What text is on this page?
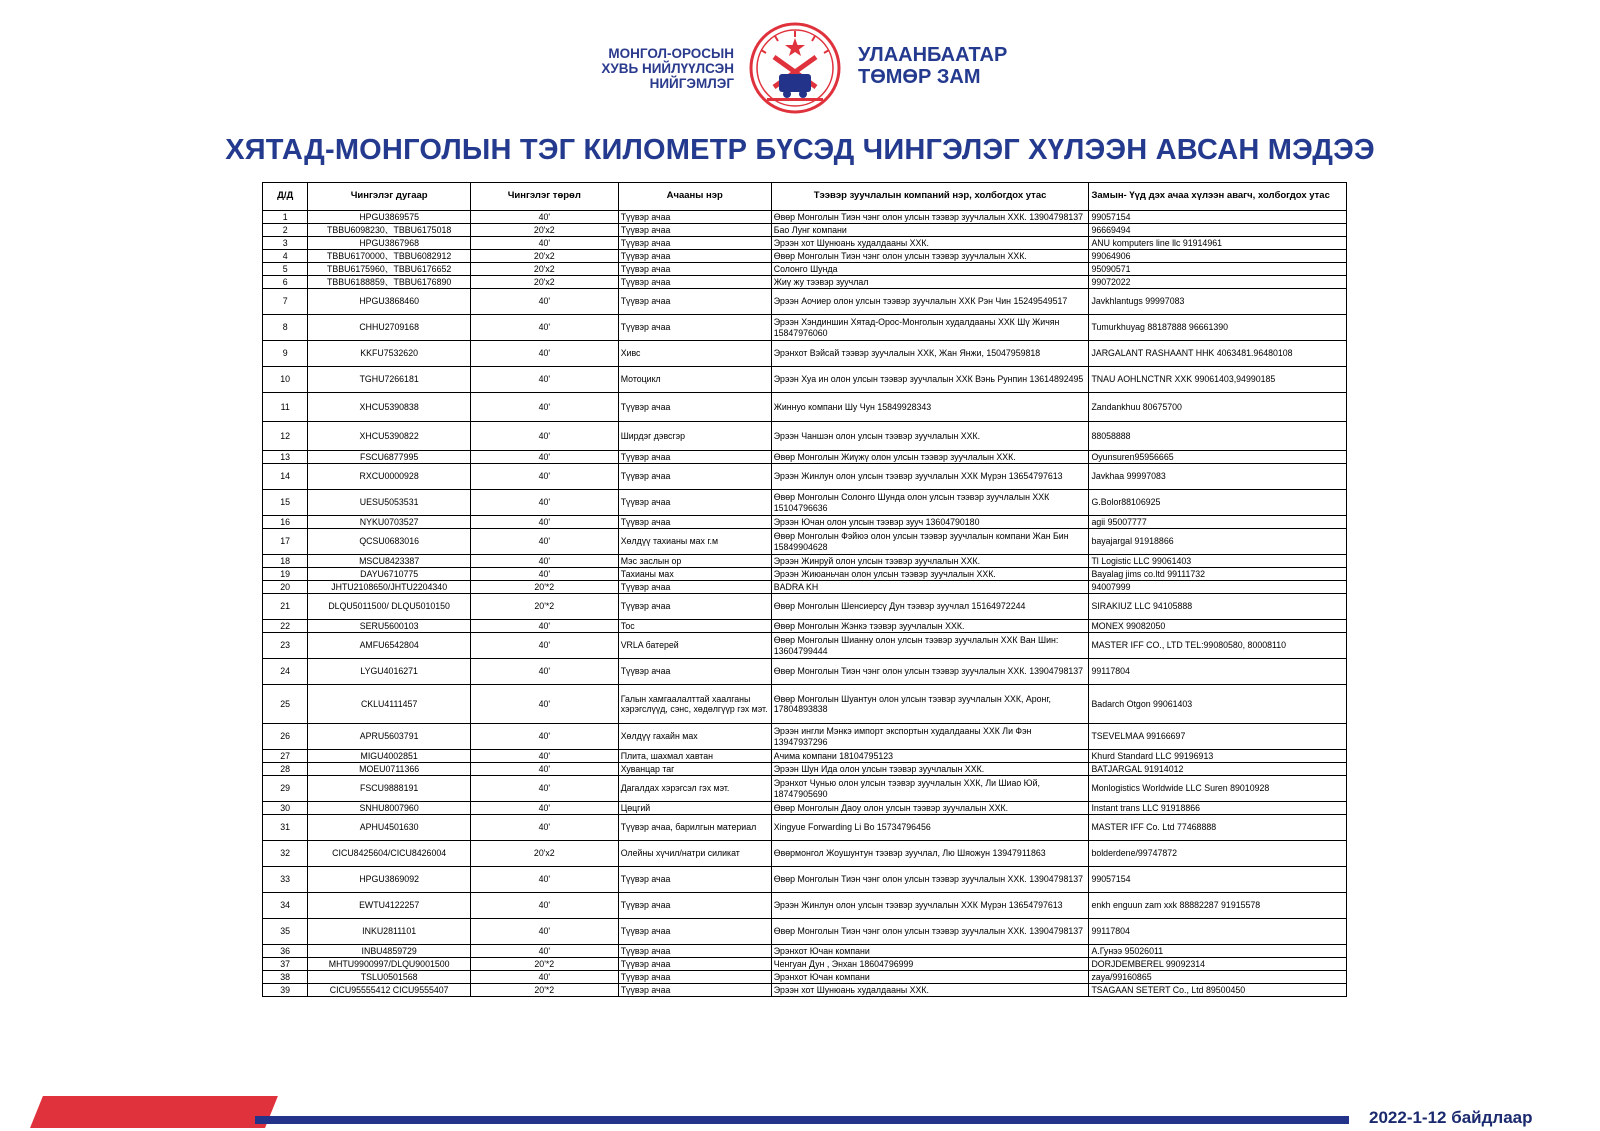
МОНГОЛ-ОРОСЫН
ХУВЬ НИЙЛҮҮЛСЭН
НИЙГЭМЛЭГ
УЛААНБААТАР
ТӨМӨР ЗАМ
ХЯТАД-МОНГОЛЫН ТЭГ КИЛОМЕТР БҮСЭД ЧИНГЭЛЭГ ХҮЛЭЭН АВСАН МЭДЭЭ
Д/Д	Чингэлэг дугаар	Чингэлэг төрөл	Ачааны нэр	Тээвэр зуучлалын компаний нэр, холбогдох утас	Замын- Үүд дэх ачаа хүлээн авагч, холбогдох утас
1	HPGU3869575	40'	Түүвэр ачаа	Өвөр Монголын Тиэн чэнг олон улсын тээвэр зуучлалын ХХК. 13904798137	99057154
2	TBBU6098230、TBBU6175018	20'x2	Түүвэр ачаа	Бао Лунг компани	96669494
3	HPGU3867968	40'	Түүвэр ачаа	Эрээн хот Шунюань худалдааны ХХК.	ANU komputers line llc 91914961
4	TBBU6170000、TBBU6082912	20'x2	Түүвэр ачаа	Өвөр Монголын Тиэн чэнг олон улсын тээвэр зуучлалын ХХК.	99064906
5	TBBU6175960、TBBU6176652	20'x2	Түүвэр ачаа	Солонго Шунда	95090571
6	TBBU6188859、TBBU6176890	20'x2	Түүвэр ачаа	Жиү жу тээвэр зуучлал	99072022
7	HPGU3868460	40'	Түүвэр ачаа	Эрээн Аочиер олон улсын тээвэр зуучлалын ХХК Рэн Чин 15249549517	Javkhlantugs 99997083
8	CHHU2709168	40'	Түүвэр ачаа	Эрээн Хэндиншин Хятад-Орос-Монголын худалдааны ХХК Шү Жичян 15847976060	Tumurkhuyag 88187888 96661390
9	KKFU7532620	40'	Хивс	Эрэнхот Вэйсай тээвэр зуучлалын ХХК, Жан Янжи, 15047959818	JARGALANT RASHAANT HHK 4063481.96480108
10	TGHU7266181	40'	Мотоцикл	Эрээн Хуа ин олон улсын тээвэр зуучлалын ХХК Вэнь Рунпин 13614892495	TNAU AOHLNCTNR XXK 99061403,94990185
11	XHCU5390838	40'	Түүвэр ачаа	Жиннуо компани Шу Чун 15849928343	Zandankhuu 80675700
12	XHCU5390822	40'	Ширдэг дэвсгэр	Эрээн Чаншэн олон улсын тээвэр зуучлалын ХХК.	88058888
13	FSCU6877995	40'	Түүвэр ачаа	Өвөр Монголын Жиүжү олон улсын тээвэр зуучлалын ХХК.	Oyunsuren95956665
14	RXCU0000928	40'	Түүвэр ачаа	Эрээн Жинлун олон улсын тээвэр зуучлалын ХХК Мүрэн 13654797613	Javkhaa 99997083
15	UESU5053531	40'	Түүвэр ачаа	Өвөр Монголын Солонго Шунда олон улсын тээвэр зуучлалын ХХК 15104796636	G.Bolor88106925
16	NYKU0703527	40'	Түүвэр ачаа	Эрээн Ючан олон улсын тээвэр зууч 13604790180	agii 95007777
17	QCSU0683016	40'	Хөлдүү тахианы мах г.м	Өвөр Монголын Фэйюэ олон улсын тээвэр зуучлалын компани Жан Бин 15849904628	bayajargal 91918866
18	MSCU8423387	40'	Мэс заслын ор	Эрээн Жинруй олон улсын тээвэр зуучлалын ХХК.	Tl Logistic LLC 99061403
19	DAYU6710775	40'	Тахианы мах	Эрээн Жиюаньчан олон улсын тээвэр зуучлалын ХХК.	Bayalag jims co.ltd 99111732
20	JHTU2108650/JHTU2204340	20'*2	Түүвэр ачаа	BADRA KH	94007999
21	DLQU5011500/ DLQU5010150	20'*2	Түүвэр ачаа	Өвөр Монголын Шенсиерсү Дун тээвэр зуучлал 15164972244	SIRAKIUZ LLC 94105888
22	SERU5600103	40'	Тос	Өвөр Монголын Жэнкэ тээвэр зуучлалын ХХК.	MONEX 99082050
23	AMFU6542804	40'	VRLA батерей	Өвөр Монголын Шианну олон улсын тээвэр зуучлалын ХХК Ван Шин: 13604799444	MASTER IFF CO., LTD TEL:99080580, 80008110
24	LYGU4016271	40'	Түүвэр ачаа	Өвөр Монголын Тиэн чэнг олон улсын тээвэр зуучлалын ХХК. 13904798137	99117804
25	CKLU4111457	40'	Галын хамгаалалттай хаалганы хэрэгслүүд, сэнс, хөдөлгүүр гэх мэт.	Өвөр Монголын Шуантун олон улсын тээвэр зуучлалын ХХК, Аронг, 17804893838	Badarch Otgon 99061403
26	APRU5603791	40'	Хөлдүү гахайн мах	Эрээн ингли Мэнкэ импорт экспортын худалдааны ХХК Ли Фэн 13947937296	TSEVELMAA 99166697
27	MIGU4002851	40'	Плита, шахмал хавтан	Ачима компани 18104795123	Khurd Standard LLC 99196913
28	MOEU0711366	40'	Хуванцар таг	Эрээн Шун Ида олон улсын тээвэр зуучлалын ХХК.	BATJARGAL 91914012
29	FSCU9888191	40'	Дагалдах хэрэгсэл гэх мэт.	Эрэнхот Чунью олон улсын тээвэр зуучлалын ХХК, Ли Шиао Юй, 18747905690	Monlogistics Worldwide LLC Suren 89010928
30	SNHU8007960	40'	Цөцгий	Өвөр Монголын Даоу олон улсын тээвэр зуучлалын ХХК.	Instant trans LLC 91918866
31	APHU4501630	40'	Түүвэр ачаа, барилгын материал	Xingyue Forwarding Li Bo 15734796456	MASTER IFF Co. Ltd 77468888
32	CICU8425604/CICU8426004	20'x2	Олейны хүчил/натри силикат	Өвөрмонгол Жоушунтун тээвэр зуучлал, Лю Шяожун 13947911863	bolderdene/99747872
33	HPGU3869092	40'	Түүвэр ачаа	Өвөр Монголын Тиэн чэнг олон улсын тээвэр зуучлалын ХХК. 13904798137	99057154
34	EWTU4122257	40'	Түүвэр ачаа	Эрээн Жинлун олон улсын тээвэр зуучлалын ХХК Мүрэн 13654797613	enkh enguun zam xxk 88882287 91915578
35	INKU2811101	40'	Түүвэр ачаа	Өвөр Монголын Тиэн чэнг олон улсын тээвэр зуучлалын ХХК. 13904798137	99117804
36	INBU4859729	40'	Түүвэр ачаа	Эрэнхот Ючан компани	А.Гунээ 95026011
37	MHTU9900997/DLQU9001500	20'*2	Түүвэр ачаа	Ченгуан Дун , Энхан 18604796999	DORJDEMBEREL 99092314
38	TSLU0501568	40'	Түүвэр ачаа	Эрэнхот Ючан компани	zaya/99160865
39	CICU95555412 CICU9555407	20'*2	Түүвэр ачаа	Эрээн хот Шунюань худалдааны ХХК.	TSAGAAN SETERT Co., Ltd 89500450
2022-1-12 байдлаар
